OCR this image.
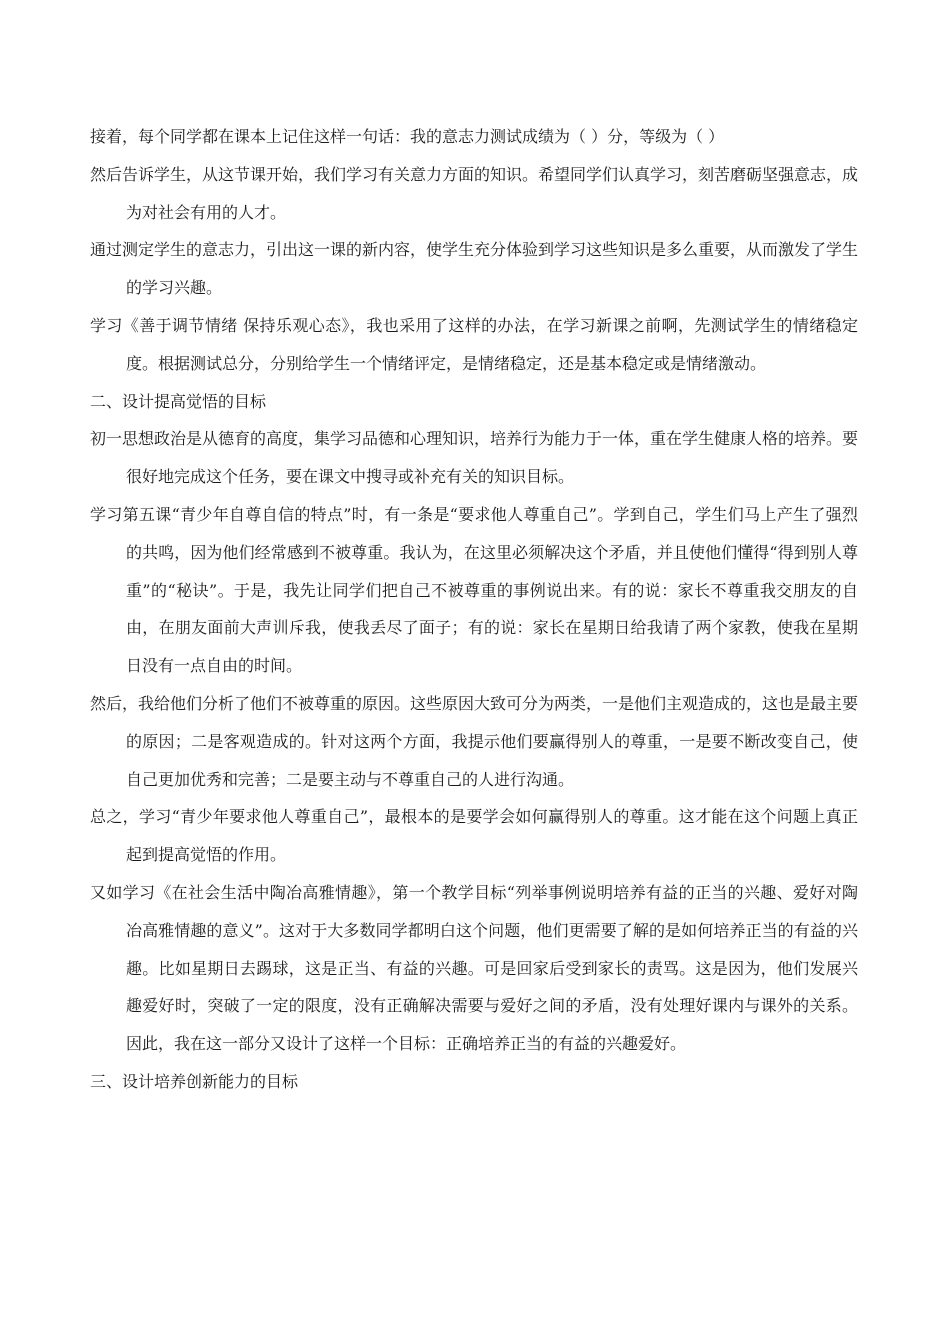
接着，每个同学都在课本上记住这样一句话：我的意志力测试成绩为（ ）分，等级为（ ）

然后告诉学生，从这节课开始，我们学习有关意力方面的知识。希望同学们认真学习，刻苦磨砺坚强意志，成为对社会有用的人才。

通过测定学生的意志力，引出这一课的新内容，使学生充分体验到学习这些知识是多么重要，从而激发了学生的学习兴趣。

学习《善于调节情绪 保持乐观心态》，我也采用了这样的办法，在学习新课之前啊，先测试学生的情绪稳定度。根据测试总分，分别给学生一个情绪评定，是情绪稳定，还是基本稳定或是情绪激动。

二、设计提高觉悟的目标

初一思想政治是从德育的高度，集学习品德和心理知识，培养行为能力于一体，重在学生健康人格的培养。要很好地完成这个任务，要在课文中搜寻或补充有关的知识目标。

学习第五课“青少年自尊自信的特点”时，有一条是“要求他人尊重自己”。学到自己，学生们马上产生了强烈的共鸣，因为他们经常感到不被尊重。我认为，在这里必须解决这个矛盾，并且使他们懂得“得到别人尊重”的“秘诀”。于是，我先让同学们把自己不被尊重的事例说出来。有的说：家长不尊重我交朋友的自由，在朋友面前大声训斥我，使我丢尽了面子；有的说：家长在星期日给我请了两个家教，使我在星期日没有一点自由的时间。

然后，我给他们分析了他们不被尊重的原因。这些原因大致可分为两类，一是他们主观造成的，这也是最主要的原因；二是客观造成的。针对这两个方面，我提示他们要赢得别人的尊重，一是要不断改变自己，使自己更加优秀和完善；二是要主动与不尊重自己的人进行沟通。

总之，学习“青少年要求他人尊重自己”，最根本的是要学会如何赢得别人的尊重。这才能在这个问题上真正起到提高觉悟的作用。

又如学习《在社会生活中陶冶高雅情趣》，第一个教学目标“列举事例说明培养有益的正当的兴趣、爱好对陶冶高雅情趣的意义”。这对于大多数同学都明白这个问题，他们更需要了解的是如何培养正当的有益的兴趣。比如星期日去踢球，这是正当、有益的兴趣。可是回家后受到家长的责骂。这是因为，他们发展兴趣爱好时，突破了一定的限度，没有正确解决需要与爱好之间的矛盾，没有处理好课内与课外的关系。因此，我在这一部分又设计了这样一个目标：正确培养正当的有益的兴趣爱好。

三、设计培养创新能力的目标
